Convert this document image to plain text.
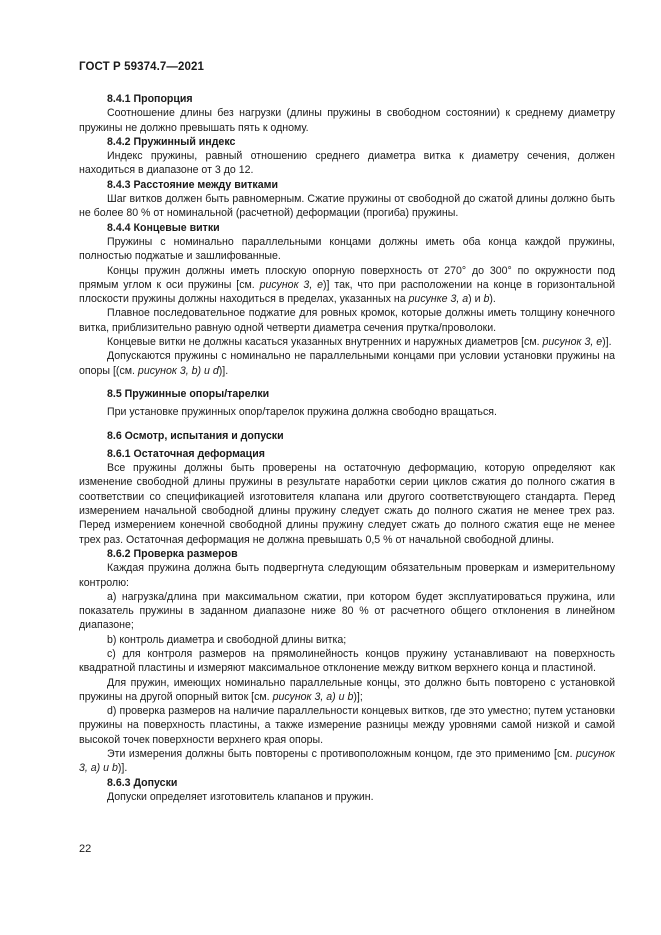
ГОСТ Р 59374.7—2021
8.4.1 Пропорция

Соотношение длины без нагрузки (длины пружины в свободном состоянии) к среднему диаметру пружины не должно превышать пять к одному.

8.4.2 Пружинный индекс

Индекс пружины, равный отношению среднего диаметра витка к диаметру сечения, должен находиться в диапазоне от 3 до 12.

8.4.3 Расстояние между витками

Шаг витков должен быть равномерным. Сжатие пружины от свободной до сжатой длины должно быть не более 80 % от номинальной (расчетной) деформации (прогиба) пружины.

8.4.4 Концевые витки

Пружины с номинально параллельными концами должны иметь оба конца каждой пружины, полностью поджатые и зашлифованные.

Концы пружин должны иметь плоскую опорную поверхность от 270° до 300° по окружности под прямым углом к оси пружины [см. рисунок 3, е)] так, что при расположении на конце в горизонтальной плоскости пружины должны находиться в пределах, указанных на рисунке 3, а) и b).

Плавное последовательное поджатие для ровных кромок, которые должны иметь толщину конечного витка, приблизительно равную одной четверти диаметра сечения прутка/проволоки.

Концевые витки не должны касаться указанных внутренних и наружных диаметров [см. рисунок 3, е)].

Допускаются пружины с номинально не параллельными концами при условии установки пружины на опоры [(см. рисунок 3, b) и d)].

8.5 Пружинные опоры/тарелки

При установке пружинных опор/тарелок пружина должна свободно вращаться.

8.6 Осмотр, испытания и допуски
8.6.1 Остаточная деформация

Все пружины должны быть проверены на остаточную деформацию, которую определяют как изменение свободной длины пружины в результате наработки серии циклов сжатия до полного сжатия в соответствии со спецификацией изготовителя клапана или другого соответствующего стандарта. Перед измерением начальной свободной длины пружину следует сжать до полного сжатия не менее трех раз. Перед измерением конечной свободной длины пружину следует сжать до полного сжатия еще не менее трех раз. Остаточная деформация не должна превышать 0,5 % от начальной свободной длины.

8.6.2 Проверка размеров

Каждая пружина должна быть подвергнута следующим обязательным проверкам и измерительному контролю:

а) нагрузка/длина при максимальном сжатии, при котором будет эксплуатироваться пружина, или показатель пружины в заданном диапазоне ниже 80 % от расчетного общего отклонения в линейном диапазоне;

b) контроль диаметра и свободной длины витка;

с) для контроля размеров на прямолинейность концов пружину устанавливают на поверхность квадратной пластины и измеряют максимальное отклонение между витком верхнего конца и пластиной.

Для пружин, имеющих номинально параллельные концы, это должно быть повторено с установкой пружины на другой опорный виток [см. рисунок 3, а) и b)];

d) проверка размеров на наличие параллельности концевых витков, где это уместно; путем установки пружины на поверхность пластины, а также измерение разницы между уровнями самой низкой и самой высокой точек поверхности верхнего края опоры.

Эти измерения должны быть повторены с противоположным концом, где это применимо [см. рисунок 3, а) и b)].

8.6.3 Допуски

Допуски определяет изготовитель клапанов и пружин.

22
